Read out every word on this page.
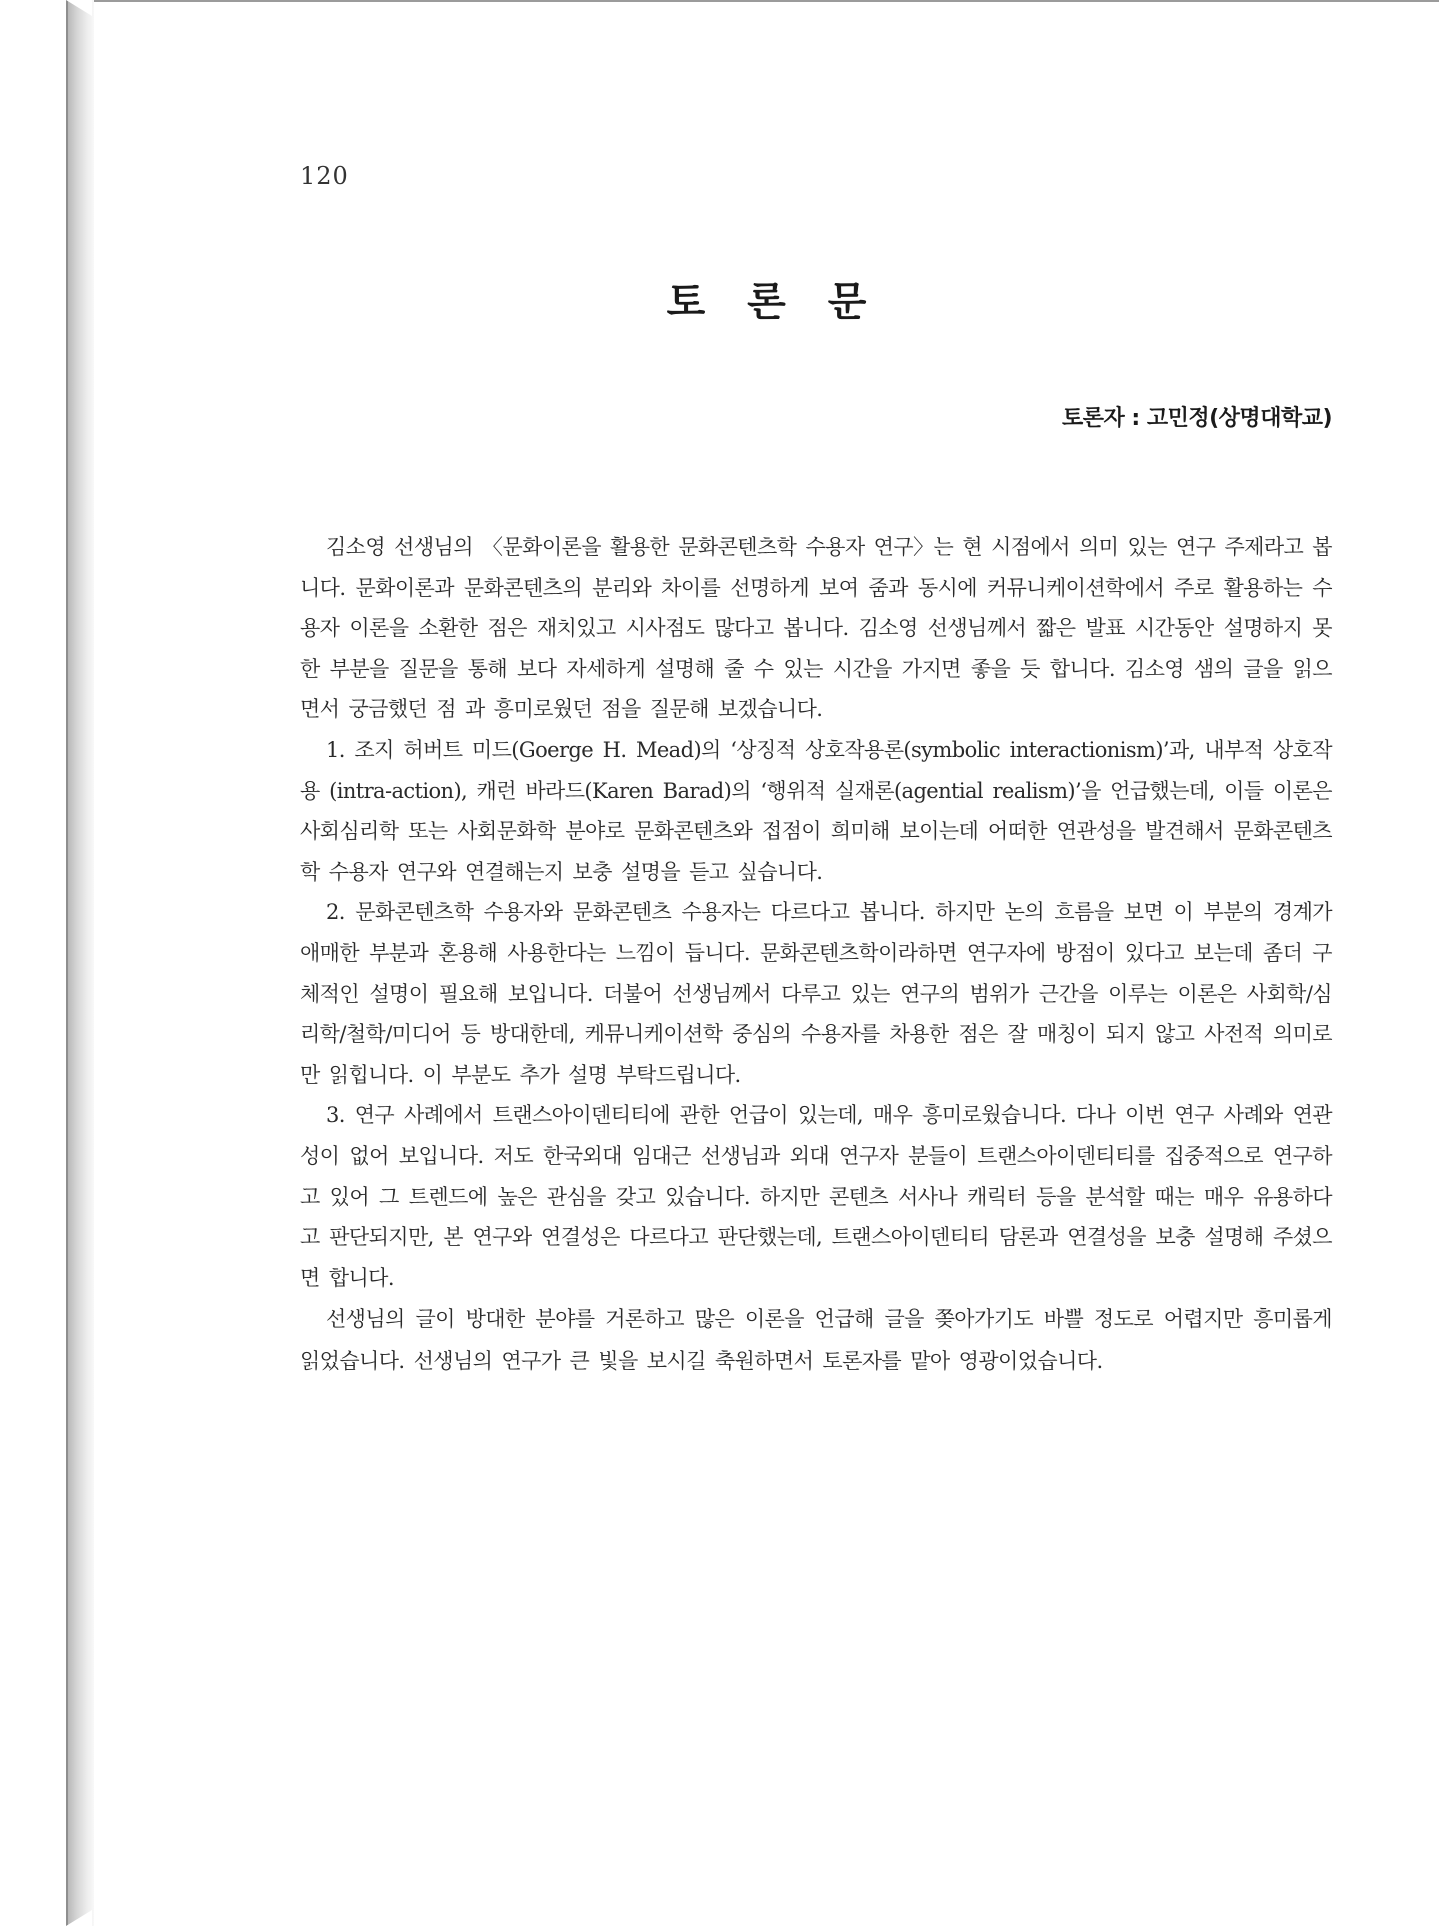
120
토 론 문
토론자 : 고민정(상명대학교)

김소영 선생님의 〈문화이론을 활용한 문화콘텐츠학 수용자 연구〉는 현 시점에서 의미 있는 연구 주제라고 봅니다. 문화이론과 문화콘텐츠의 분리와 차이를 선명하게 보여 줌과 동시에 커뮤니케이션학에서 주로 활용하는 수용자 이론을 소환한 점은 재치있고 시사점도 많다고 봅니다. 김소영 선생님께서 짧은 발표 시간동안 설명하지 못한 부분을 질문을 통해 보다 자세하게 설명해 줄 수 있는 시간을 가지면 좋을 듯 합니다. 김소영 샘의 글을 읽으면서 궁금했던 점 과 흥미로웠던 점을 질문해 보겠습니다.

1. 조지 허버트 미드(Goerge H. Mead)의 ‘상징적 상호작용론(symbolic interactionism)’과, 내부적 상호작용 (intra-action), 캐런 바라드(Karen Barad)의 ‘행위적 실재론(agential realism)’을 언급했는데, 이들 이론은 사회심리학 또는 사회문화학 분야로 문화콘텐츠와 접점이 희미해 보이는데 어떠한 연관성을 발견해서 문화콘텐츠학 수용자 연구와 연결해는지 보충 설명을 듣고 싶습니다.

2. 문화콘텐츠학 수용자와 문화콘텐츠 수용자는 다르다고 봅니다. 하지만 논의 흐름을 보면 이 부분의 경계가 애매한 부분과 혼용해 사용한다는 느낌이 듭니다. 문화콘텐츠학이라하면 연구자에 방점이 있다고 보는데 좀더 구체적인 설명이 필요해 보입니다. 더불어 선생님께서 다루고 있는 연구의 범위가 근간을 이루는 이론은 사회학/심리학/철학/미디어 등 방대한데, 케뮤니케이션학 중심의 수용자를 차용한 점은 잘 매칭이 되지 않고 사전적 의미로만 읽힙니다. 이 부분도 추가 설명 부탁드립니다.

3. 연구 사례에서 트랜스아이덴티티에 관한 언급이 있는데, 매우 흥미로웠습니다. 다나 이번 연구 사례와 연관성이 없어 보입니다. 저도 한국외대 임대근 선생님과 외대 연구자 분들이 트랜스아이덴티티를 집중적으로 연구하고 있어 그 트렌드에 높은 관심을 갖고 있습니다. 하지만 콘텐츠 서사나 캐릭터 등을 분석할 때는 매우 유용하다고 판단되지만, 본 연구와 연결성은 다르다고 판단했는데, 트랜스아이덴티티 담론과 연결성을 보충 설명해 주셨으면 합니다.

선생님의 글이 방대한 분야를 거론하고 많은 이론을 언급해 글을 쫒아가기도 바쁠 정도로 어렵지만 흥미롭게 읽었습니다. 선생님의 연구가 큰 빛을 보시길 축원하면서 토론자를 맡아 영광이었습니다.
